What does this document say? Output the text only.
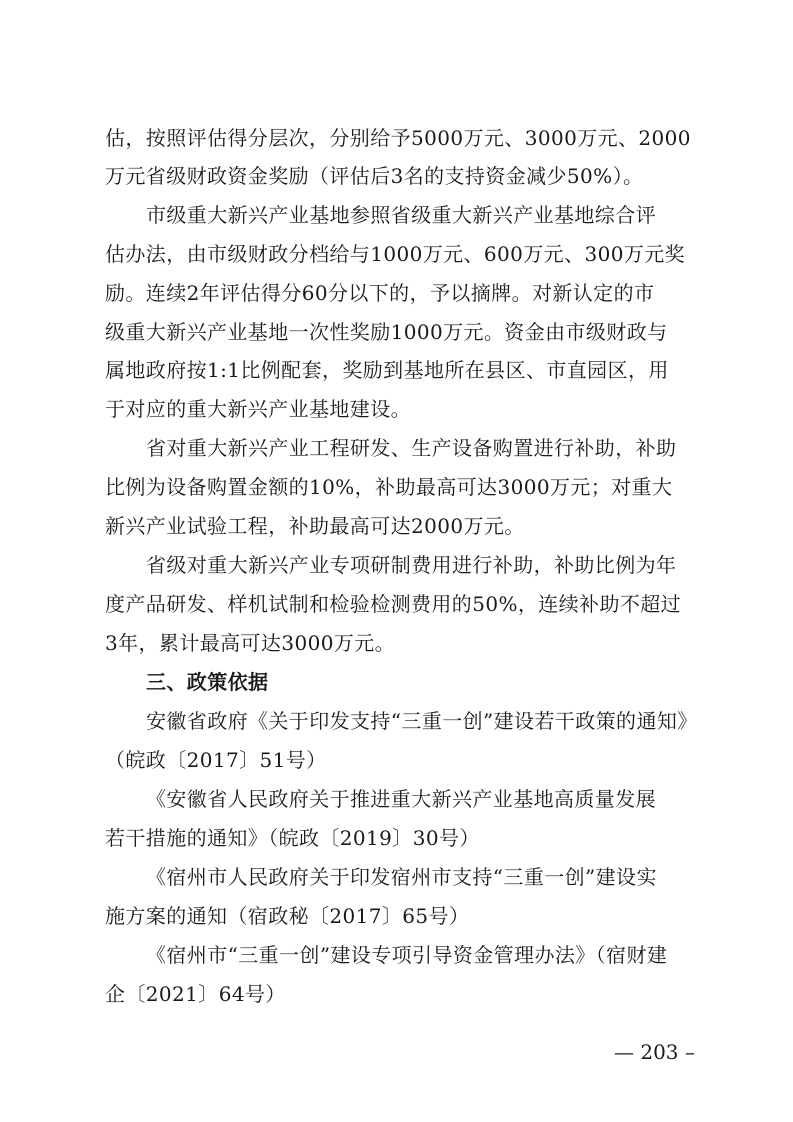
估，按照评估得分层次，分别给予5000万元、3000万元、2000
万元省级财政资金奖励（评估后3名的支持资金减少50%）。
市级重大新兴产业基地参照省级重大新兴产业基地综合评
估办法，由市级财政分档给与1000万元、600万元、300万元奖
励。连续2年评估得分60分以下的，予以摘牌。对新认定的市
级重大新兴产业基地一次性奖励1000万元。资金由市级财政与
属地政府按1:1比例配套，奖励到基地所在县区、市直园区，用
于对应的重大新兴产业基地建设。
省对重大新兴产业工程研发、生产设备购置进行补助，补助
比例为设备购置金额的10%，补助最高可达3000万元；对重大
新兴产业试验工程，补助最高可达2000万元。
省级对重大新兴产业专项研制费用进行补助，补助比例为年
度产品研发、样机试制和检验检测费用的50%，连续补助不超过
3年，累计最高可达3000万元。
三、政策依据
安徽省政府《关于印发支持“三重一创”建设若干政策的通知》
（皖政〔2017〕51号）
《安徽省人民政府关于推进重大新兴产业基地高质量发展
若干措施的通知》（皖政〔2019〕30号）
《宿州市人民政府关于印发宿州市支持“三重一创”建设实
施方案的通知（宿政秘〔2017〕65号）
《宿州市“三重一创”建设专项引导资金管理办法》（宿财建
企〔2021〕64号）
— 203 –
